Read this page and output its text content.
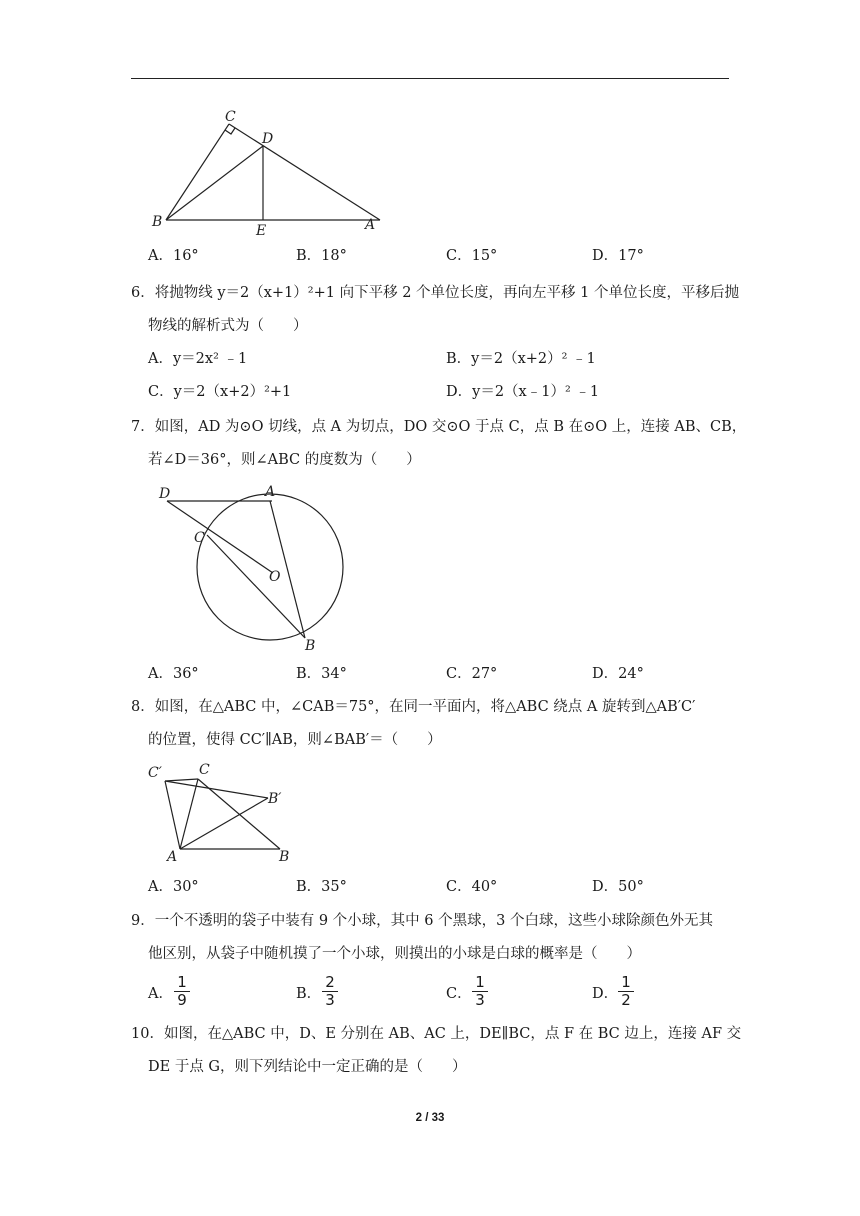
C
D
B
E	A
A．16°	B．18°	C．15°	D．17°
6．将抛物线 y＝2（x+1）²+1 向下平移 2 个单位长度，再向左平移 1 个单位长度，平移后抛
物线的解析式为（　　）
A．y＝2x² ﹣1	B．y＝2（x+2）² ﹣1
C．y＝2（x+2）²+1	D．y＝2（x﹣1）² ﹣1
7．如图，AD 为⊙O 切线，点 A 为切点，DO 交⊙O 于点 C，点 B 在⊙O 上，连接 AB、CB，
若∠D＝36°，则∠ABC 的度数为（　　）
D	A
C
O
B
A．36°	B．34°	C．27°	D．24°
8．如图，在△ABC 中，∠CAB＝75°，在同一平面内，将△ABC 绕点 A 旋转到△AB′C′
的位置，使得 CC′∥AB，则∠BAB′＝（　　）
C′	C
B′
A	B
A．30°	B．35°	C．40°	D．50°
9．一个不透明的袋子中装有 9 个小球，其中 6 个黑球，3 个白球，这些小球除颜色外无其
他区别，从袋子中随机摸了一个小球，则摸出的小球是白球的概率是（　　）
A．
1
9	B．
2
3	C．
1
3	D．
1
2
10．如图，在△ABC 中，D、E 分别在 AB、AC 上，DE∥BC，点 F 在 BC 边上，连接 AF 交
DE 于点 G，则下列结论中一定正确的是（　　）
2 / 33
